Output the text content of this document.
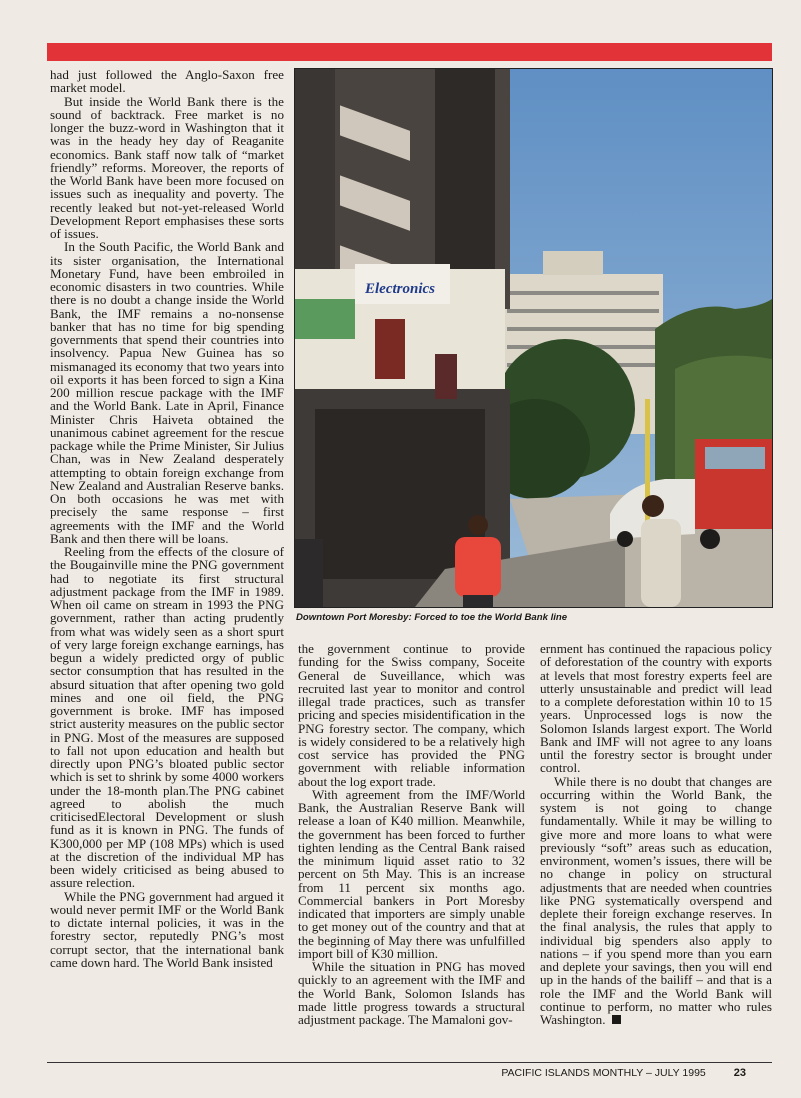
had just followed the Anglo-Saxon free market model.

But inside the World Bank there is the sound of backtrack. Free market is no longer the buzz-word in Washington that it was in the heady hey day of Reaganite economics. Bank staff now talk of “market friendly” reforms. Moreover, the reports of the World Bank have been more focused on issues such as inequality and poverty. The recently leaked but not-yet-released World Development Report emphasises these sorts of issues.

In the South Pacific, the World Bank and its sister organisation, the International Monetary Fund, have been embroiled in economic disasters in two countries. While there is no doubt a change inside the World Bank, the IMF remains a no-nonsense banker that has no time for big spending governments that spend their countries into insolvency. Papua New Guinea has so mismanaged its economy that two years into oil exports it has been forced to sign a Kina 200 million rescue package with the IMF and the World Bank. Late in April, Finance Minister Chris Haiveta obtained the unanimous cabinet agreement for the rescue package while the Prime Minister, Sir Julius Chan, was in New Zealand desperately attempting to obtain foreign exchange from New Zealand and Australian Reserve banks. On both occasions he was met with precisely the same response – first agreements with the IMF and the World Bank and then there will be loans.

Reeling from the effects of the closure of the Bougainville mine the PNG government had to negotiate its first structural adjustment package from the IMF in 1989. When oil came on stream in 1993 the PNG government, rather than acting prudently from what was widely seen as a short spurt of very large foreign exchange earnings, has begun a widely predicted orgy of public sector consumption that has resulted in the absurd situation that after opening two gold mines and one oil field, the PNG government is broke. IMF has imposed strict austerity measures on the public sector in PNG. Most of the measures are supposed to fall not upon education and health but directly upon PNG’s bloated public sector which is set to shrink by some 4000 workers under the 18-month plan.The PNG cabinet agreed to abolish the much criticisedElectoral Development or slush fund as it is known in PNG. The funds of K300,000 per MP (108 MPs) which is used at the discretion of the individual MP has been widely criticised as being abused to assure relection.

While the PNG government had argued it would never permit IMF or the World Bank to dictate internal policies, it was in the forestry sector, reputedly PNG’s most corrupt sector, that the international bank came down hard. The World Bank insisted

Electronics
Downtown Port Moresby: Forced to toe the World Bank line

the government continue to provide funding for the Swiss company, Soceite General de Suveillance, which was recruited last year to monitor and control illegal trade practices, such as transfer pricing and species misidentification in the PNG forestry sector. The company, which is widely considered to be a relatively high cost service has provided the PNG government with reliable information about the log export trade.

With agreement from the IMF/World Bank, the Australian Reserve Bank will release a loan of K40 million. Meanwhile, the government has been forced to further tighten lending as the Central Bank raised the minimum liquid asset ratio to 32 percent on 5th May. This is an increase from 11 percent six months ago. Commercial bankers in Port Moresby indicated that importers are simply unable to get money out of the country and that at the beginning of May there was unfulfilled import bill of K30 million.

While the situation in PNG has moved quickly to an agreement with the IMF and the World Bank, Solomon Islands has made little progress towards a structural adjustment package. The Mamaloni gov-

ernment has continued the rapacious policy of deforestation of the country with exports at levels that most forestry experts feel are utterly unsustainable and predict will lead to a complete deforestation within 10 to 15 years. Unprocessed logs is now the Solomon Islands largest export. The World Bank and IMF will not agree to any loans until the forestry sector is brought under control.

While there is no doubt that changes are occurring within the World Bank, the system is not going to change fundamentally. While it may be willing to give more and more loans to what were previously “soft” areas such as education, environment, women’s issues, there will be no change in policy on structural adjustments that are needed when countries like PNG systematically overspend and deplete their foreign exchange reserves. In the final analysis, the rules that apply to individual big spenders also apply to nations – if you spend more than you earn and deplete your savings, then you will end up in the hands of the bailiff – and that is a role the IMF and the World Bank will continue to perform, no matter who rules Washington.

PACIFIC ISLANDS MONTHLY – JULY 1995	23
